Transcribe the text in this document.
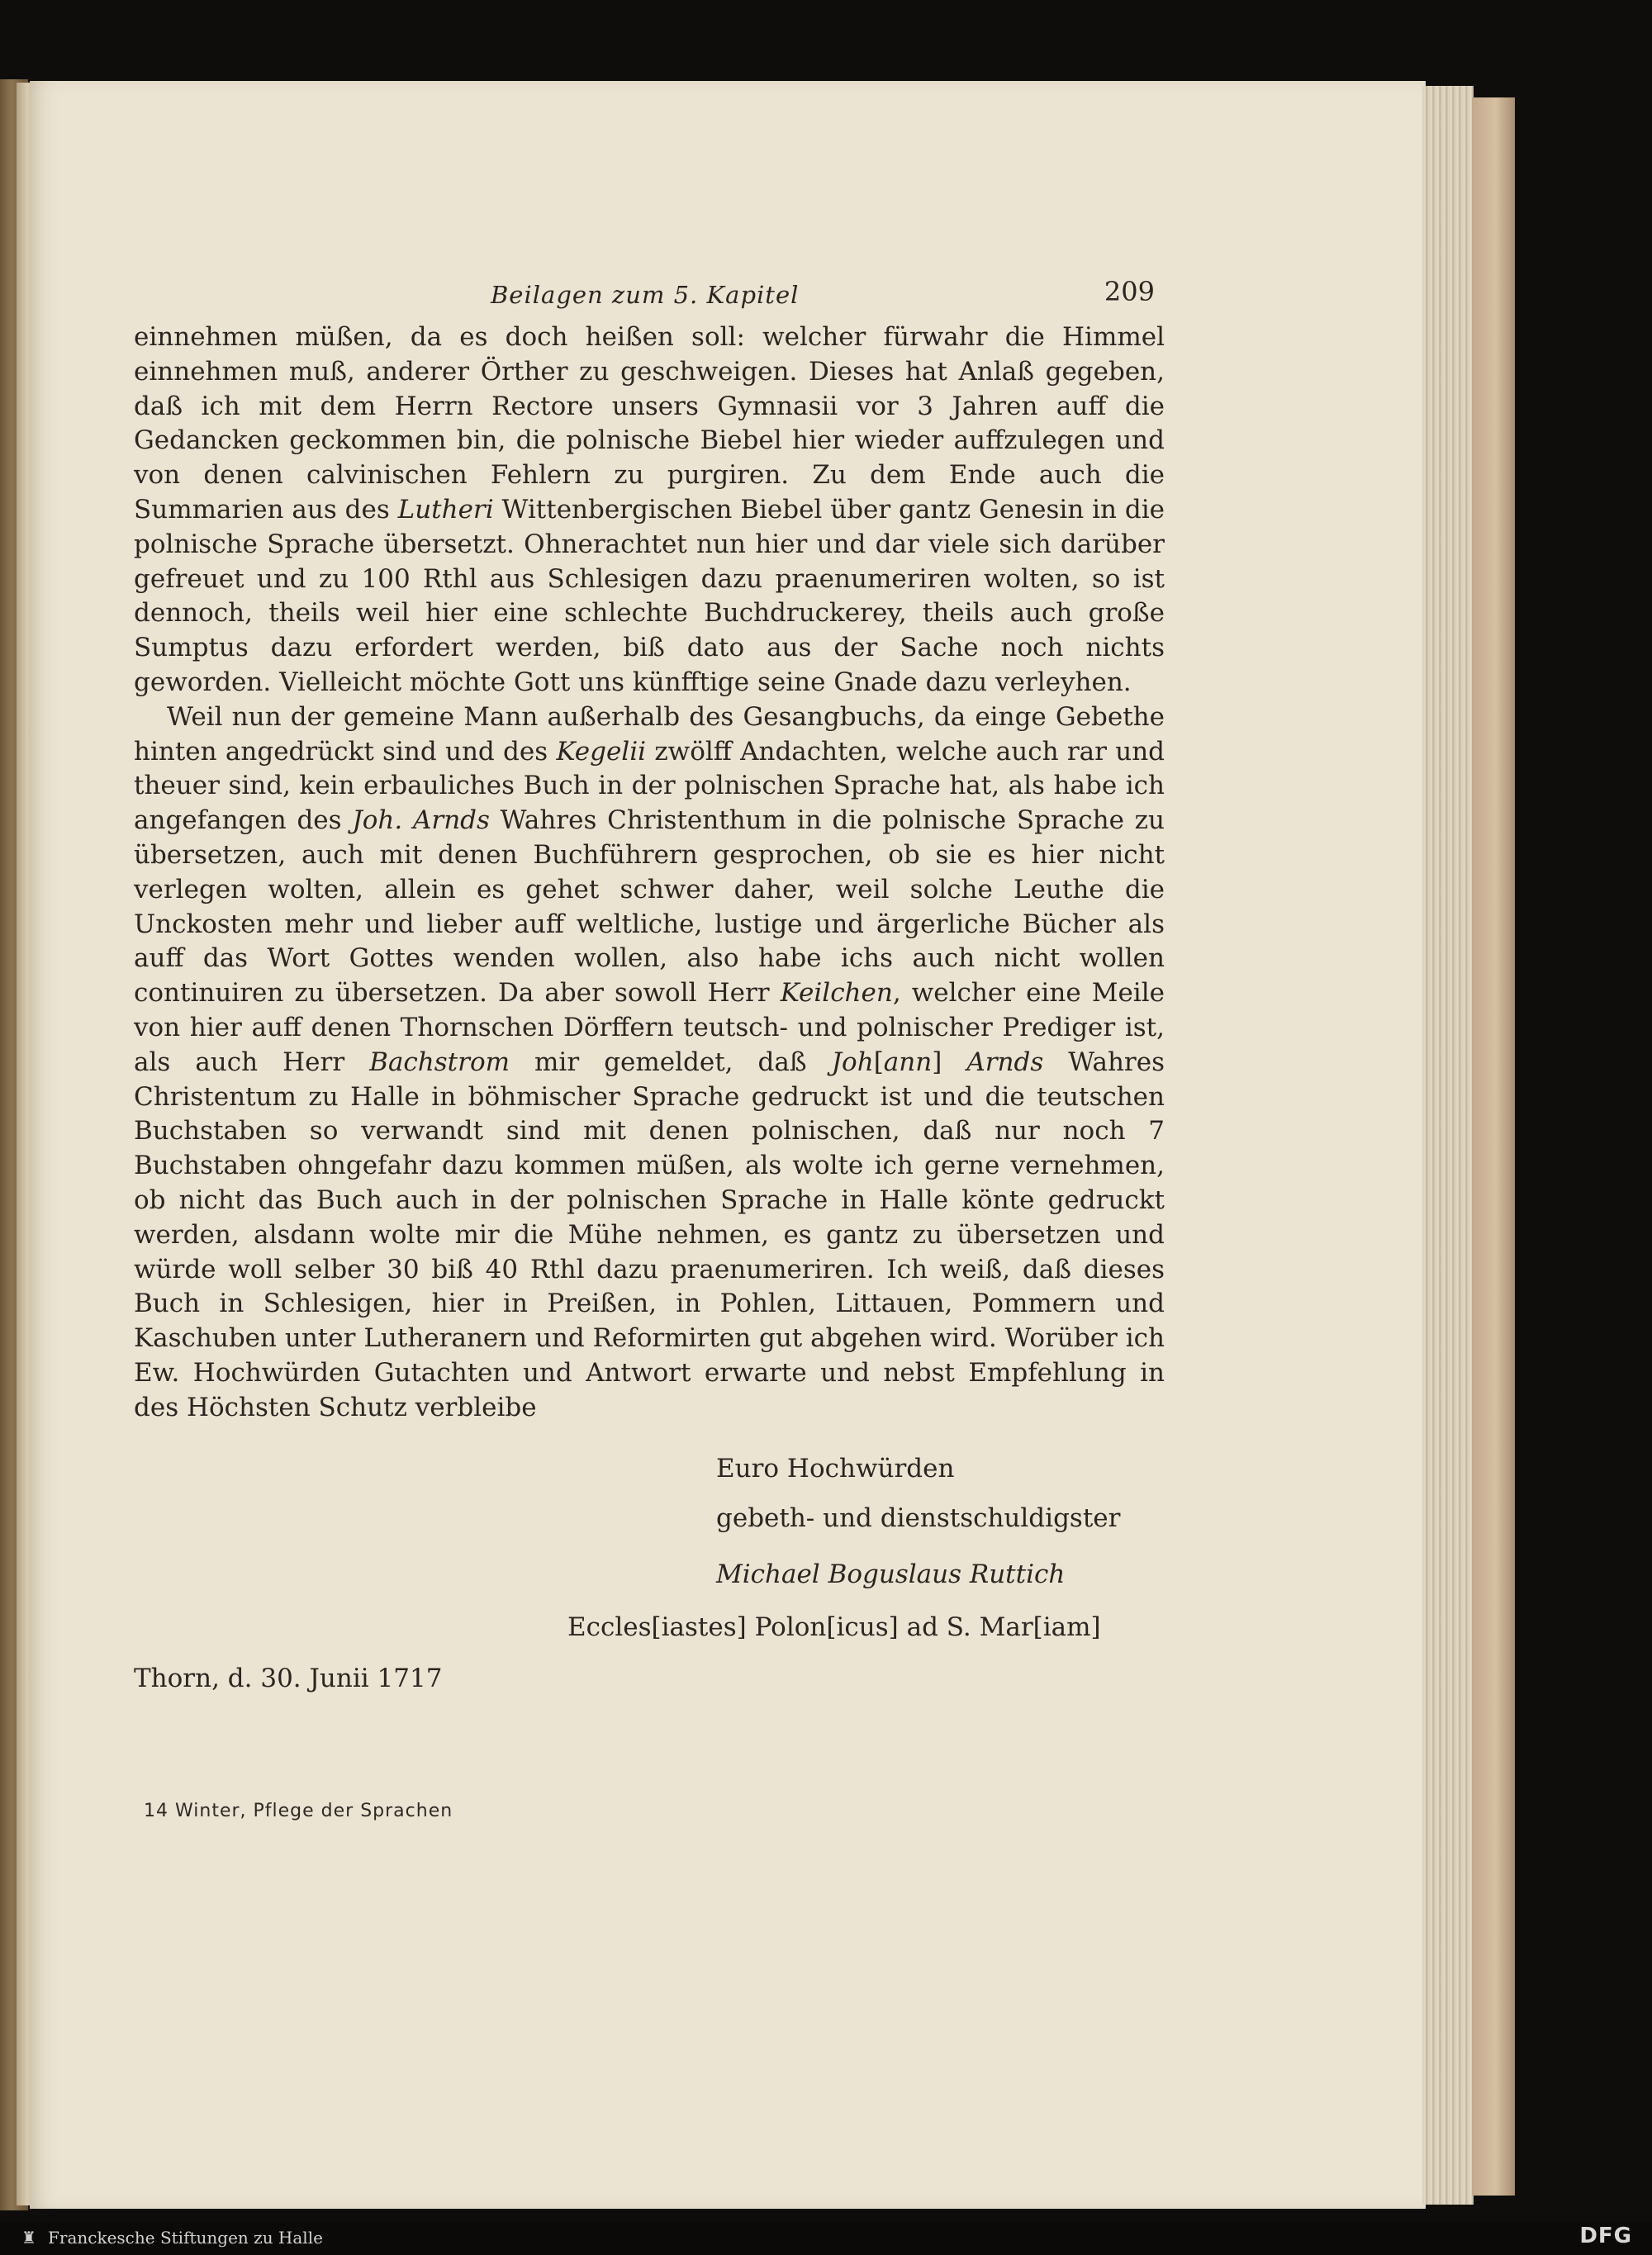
Beilagen zum 5. Kapitel	209

einnehmen müßen, da es doch heißen soll: welcher fürwahr die Himmel einnehmen muß, anderer Örther zu geschweigen. Dieses hat Anlaß gegeben, daß ich mit dem Herrn Rectore unsers Gymnasii vor 3 Jahren auff die Gedancken geckommen bin, die polnische Biebel hier wieder auffzulegen und von denen calvinischen Fehlern zu purgiren. Zu dem Ende auch die Summarien aus des Lutheri Wittenbergischen Biebel über gantz Genesin in die polnische Sprache übersetzt. Ohnerachtet nun hier und dar viele sich darüber gefreuet und zu 100 Rthl aus Schlesigen dazu praenumeriren wolten, so ist dennoch, theils weil hier eine schlechte Buchdruckerey, theils auch große Sumptus dazu erfordert werden, biß dato aus der Sache noch nichts geworden. Vielleicht möchte Gott uns künfftige seine Gnade dazu verleyhen.

Weil nun der gemeine Mann außerhalb des Gesangbuchs, da einge Gebethe hinten angedrückt sind und des Kegelii zwölff Andachten, welche auch rar und theuer sind, kein erbauliches Buch in der polnischen Sprache hat, als habe ich angefangen des Joh. Arnds Wahres Christenthum in die polnische Sprache zu übersetzen, auch mit denen Buchführern gesprochen, ob sie es hier nicht verlegen wolten, allein es gehet schwer daher, weil solche Leuthe die Unckosten mehr und lieber auff weltliche, lustige und ärgerliche Bücher als auff das Wort Gottes wenden wollen, also habe ichs auch nicht wollen continuiren zu übersetzen. Da aber sowoll Herr Keilchen, welcher eine Meile von hier auff denen Thornschen Dörffern teutsch- und polnischer Prediger ist, als auch Herr Bachstrom mir gemeldet, daß Joh[ann] Arnds Wahres Christentum zu Halle in böhmischer Sprache gedruckt ist und die teutschen Buchstaben so verwandt sind mit denen polnischen, daß nur noch 7 Buchstaben ohngefahr dazu kommen müßen, als wolte ich gerne vernehmen, ob nicht das Buch auch in der polnischen Sprache in Halle könte gedruckt werden, alsdann wolte mir die Mühe nehmen, es gantz zu übersetzen und würde woll selber 30 biß 40 Rthl dazu praenumeriren. Ich weiß, daß dieses Buch in Schlesigen, hier in Preißen, in Pohlen, Littauen, Pommern und Kaschuben unter Lutheranern und Reformirten gut abgehen wird. Worüber ich Ew. Hochwürden Gutachten und Antwort erwarte und nebst Empfehlung in des Höchsten Schutz verbleibe

Euro Hochwürden
gebeth- und dienstschuldigster
Michael Boguslaus Ruttich
Eccles[iastes] Polon[icus] ad S. Mar[iam]
Thorn, d. 30. Junii 1717
14 Winter, Pflege der Sprachen
♜ Franckesche Stiftungen zu Halle	DFG
